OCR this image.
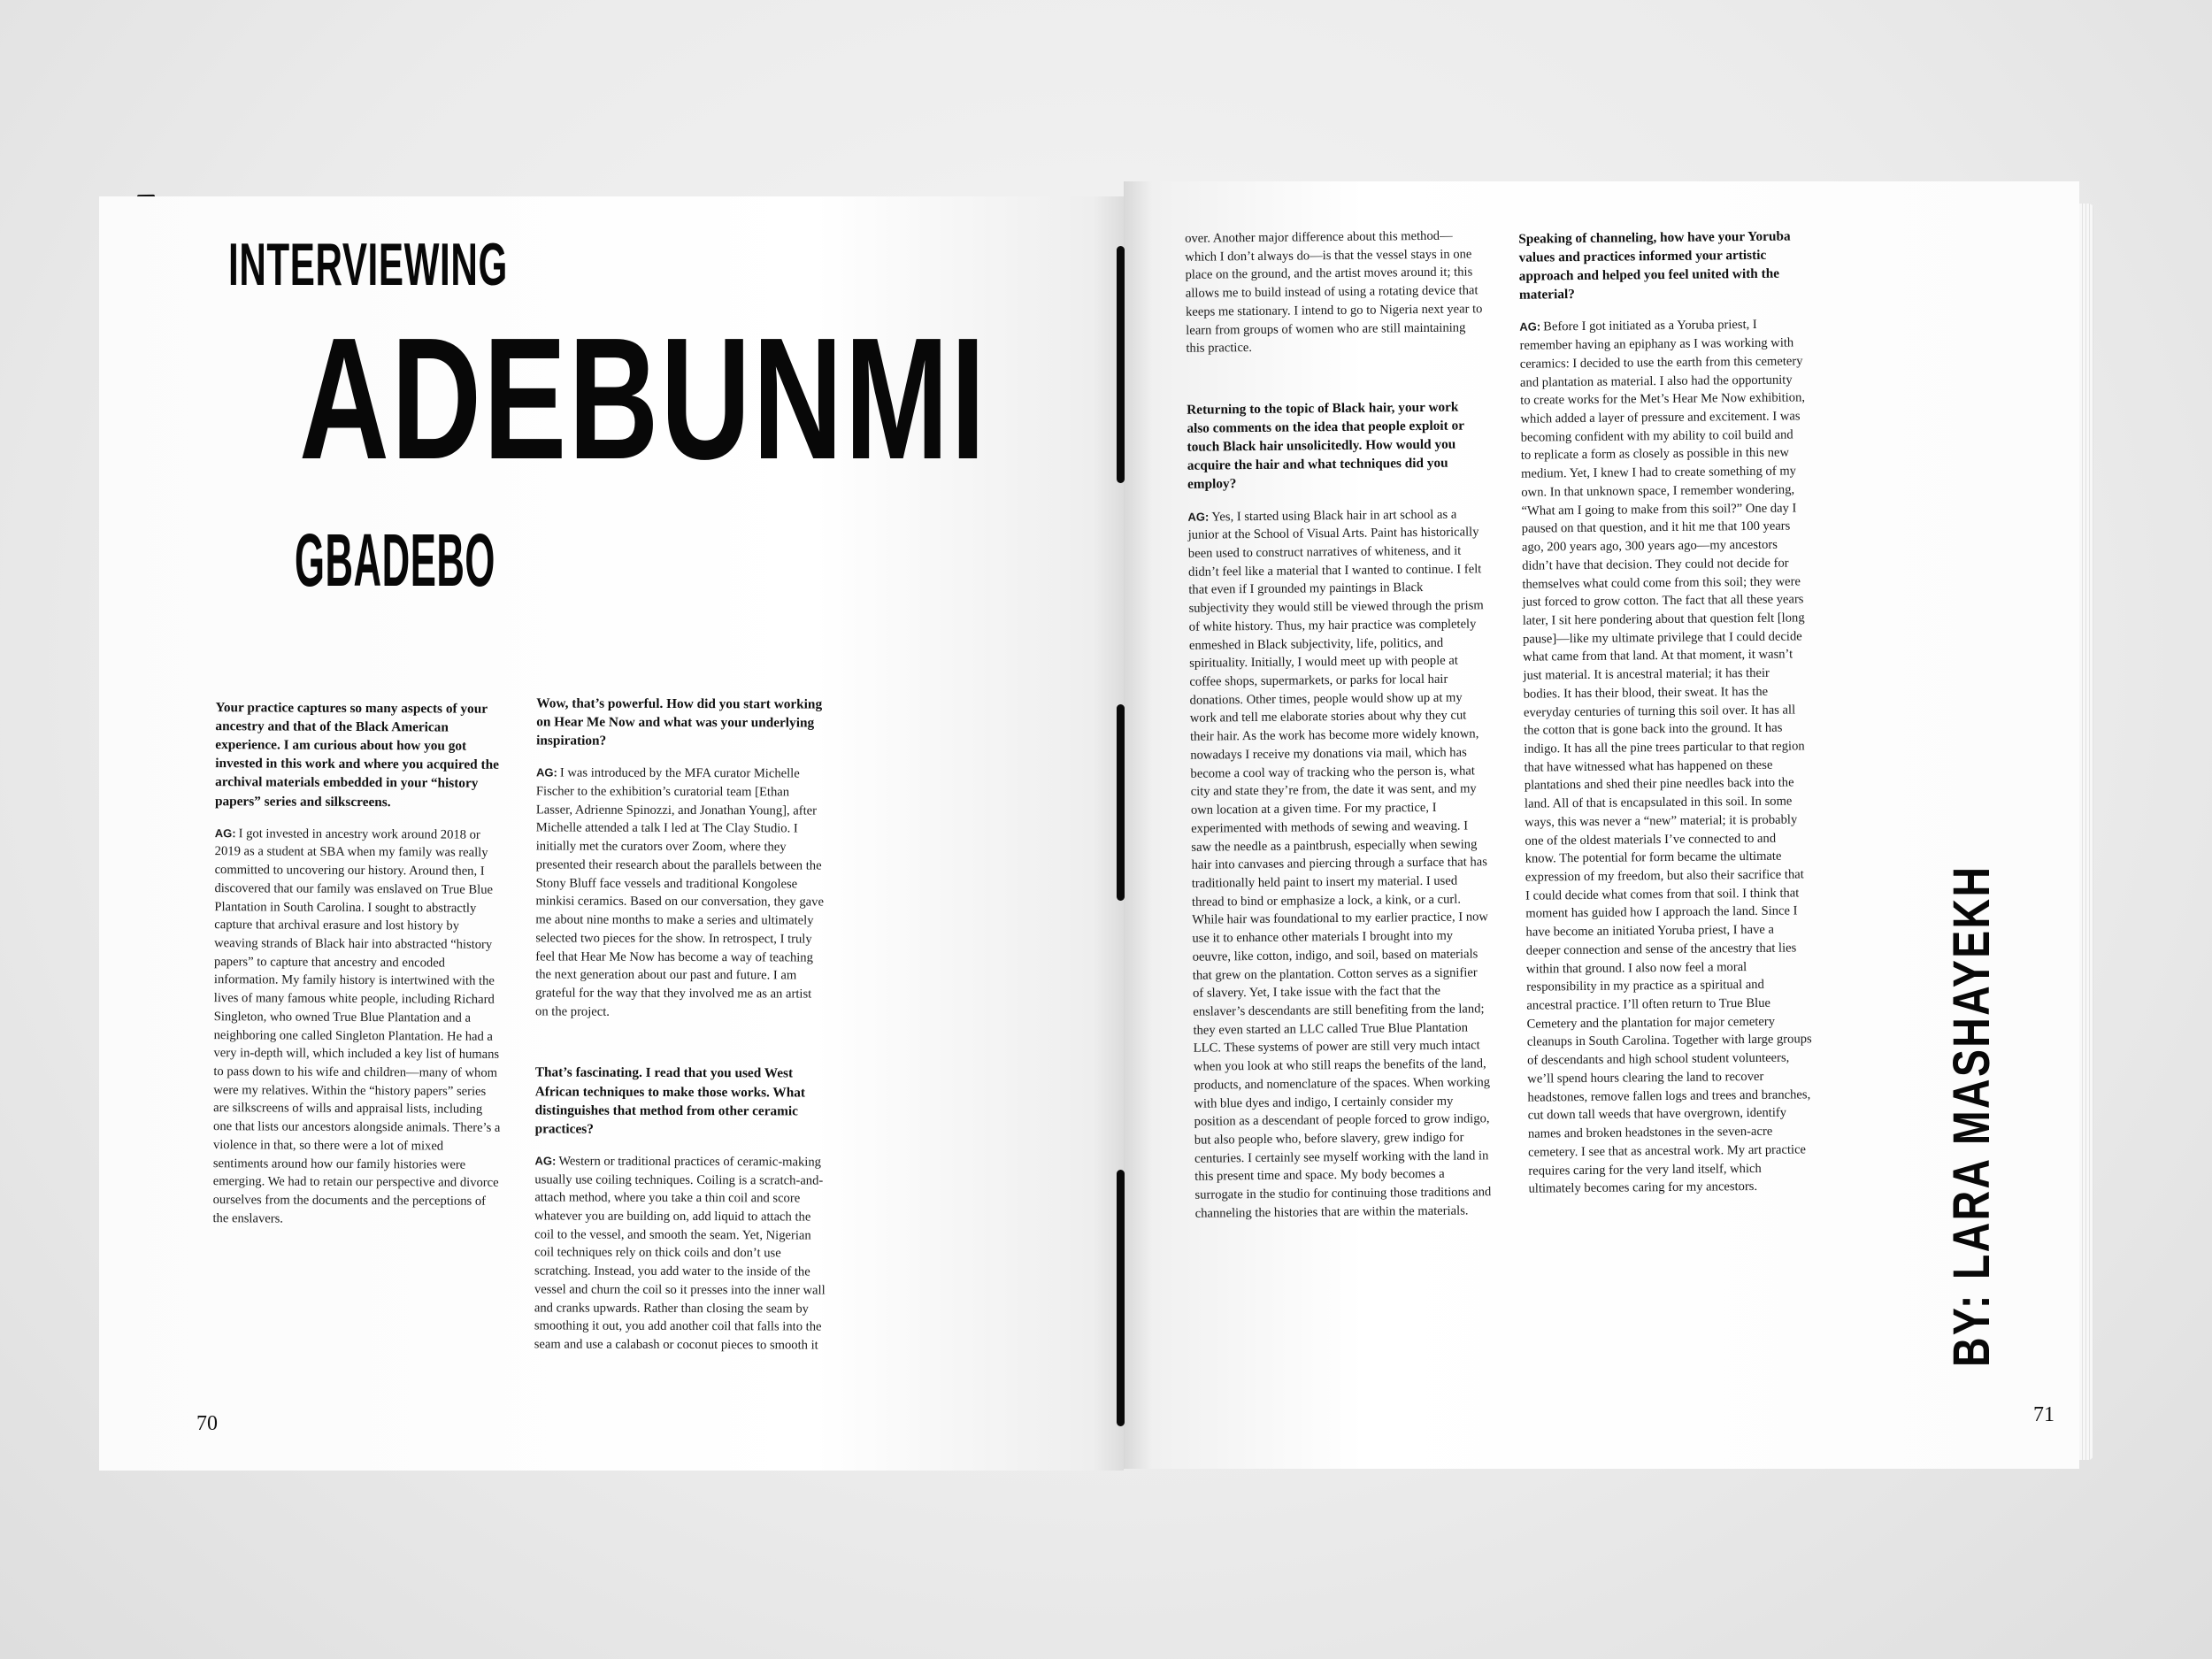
INTERVIEWING
ADEBUNMI
GBADEBO

Your practice captures so many aspects of your ancestry and that of the Black American experience. I am curious about how you got invested in this work and where you acquired the archival materials embedded in your “history papers” series and silkscreens.

AG: I got invested in ancestry work around 2018 or 2019 as a student at SBA when my family was really committed to uncovering our history. Around then, I discovered that our family was enslaved on True Blue Plantation in South Carolina. I sought to abstractly capture that archival erasure and lost history by weaving strands of Black hair into abstracted “history papers” to capture that ancestry and encoded information. My family history is intertwined with the lives of many famous white people, including Richard Singleton, who owned True Blue Plantation and a neighboring one called Singleton Plantation. He had a very in-depth will, which included a key list of humans to pass down to his wife and children—many of whom were my relatives. Within the “history papers” series are silkscreens of wills and appraisal lists, including one that lists our ancestors alongside animals. There’s a violence in that, so there were a lot of mixed sentiments around how our family histories were emerging. We had to retain our perspective and divorce ourselves from the documents and the perceptions of the enslavers.

Wow, that’s powerful. How did you start working on Hear Me Now and what was your underlying inspiration?

AG: I was introduced by the MFA curator Michelle Fischer to the exhibition’s curatorial team [Ethan Lasser, Adrienne Spinozzi, and Jonathan Young], after Michelle attended a talk I led at The Clay Studio. I initially met the curators over Zoom, where they presented their research about the parallels between the Stony Bluff face vessels and traditional Kongolese minkisi ceramics. Based on our conversation, they gave me about nine months to make a series and ultimately selected two pieces for the show. In retrospect, I truly feel that Hear Me Now has become a way of teaching the next generation about our past and future. I am grateful for the way that they involved me as an artist on the project.

That’s fascinating. I read that you used West African techniques to make those works. What distinguishes that method from other ceramic practices?

AG: Western or traditional practices of ceramic-making usually use coiling techniques. Coiling is a scratch-and-attach method, where you take a thin coil and score whatever you are building on, add liquid to attach the coil to the vessel, and smooth the seam. Yet, Nigerian coil techniques rely on thick coils and don’t use scratching. Instead, you add water to the inside of the vessel and churn the coil so it presses into the inner wall and cranks upwards. Rather than closing the seam by smoothing it out, you add another coil that falls into the seam and use a calabash or coconut pieces to smooth it

over. Another major difference about this method—which I don’t always do—is that the vessel stays in one place on the ground, and the artist moves around it; this allows me to build instead of using a rotating device that keeps me stationary. I intend to go to Nigeria next year to learn from groups of women who are still maintaining this practice.

Returning to the topic of Black hair, your work also comments on the idea that people exploit or touch Black hair unsolicitedly. How would you acquire the hair and what techniques did you employ?

AG: Yes, I started using Black hair in art school as a junior at the School of Visual Arts. Paint has historically been used to construct narratives of whiteness, and it didn’t feel like a material that I wanted to continue. I felt that even if I grounded my paintings in Black subjectivity they would still be viewed through the prism of white history. Thus, my hair practice was completely enmeshed in Black subjectivity, life, politics, and spirituality. Initially, I would meet up with people at coffee shops, supermarkets, or parks for local hair donations. Other times, people would show up at my work and tell me elaborate stories about why they cut their hair. As the work has become more widely known, nowadays I receive my donations via mail, which has become a cool way of tracking who the person is, what city and state they’re from, the date it was sent, and my own location at a given time. For my practice, I experimented with methods of sewing and weaving. I saw the needle as a paintbrush, especially when sewing hair into canvases and piercing through a surface that has traditionally held paint to insert my material. I used thread to bind or emphasize a lock, a kink, or a curl. While hair was foundational to my earlier practice, I now use it to enhance other materials I brought into my oeuvre, like cotton, indigo, and soil, based on materials that grew on the plantation. Cotton serves as a signifier of slavery. Yet, I take issue with the fact that the enslaver’s descendants are still benefiting from the land; they even started an LLC called True Blue Plantation LLC. These systems of power are still very much intact when you look at who still reaps the benefits of the land, products, and nomenclature of the spaces. When working with blue dyes and indigo, I certainly consider my position as a descendant of people forced to grow indigo, but also people who, before slavery, grew indigo for centuries. I certainly see myself working with the land in this present time and space. My body becomes a surrogate in the studio for continuing those traditions and channeling the histories that are within the materials.

Speaking of channeling, how have your Yoruba values and practices informed your artistic approach and helped you feel united with the material?

AG: Before I got initiated as a Yoruba priest, I remember having an epiphany as I was working with ceramics: I decided to use the earth from this cemetery and plantation as material. I also had the opportunity to create works for the Met’s Hear Me Now exhibition, which added a layer of pressure and excitement. I was becoming confident with my ability to coil build and to replicate a form as closely as possible in this new medium. Yet, I knew I had to create something of my own. In that unknown space, I remember wondering, “What am I going to make from this soil?” One day I paused on that question, and it hit me that 100 years ago, 200 years ago, 300 years ago—my ancestors didn’t have that decision. They could not decide for themselves what could come from this soil; they were just forced to grow cotton. The fact that all these years later, I sit here pondering about that question felt [long pause]—like my ultimate privilege that I could decide what came from that land. At that moment, it wasn’t just material. It is ancestral material; it has their bodies. It has their blood, their sweat. It has the everyday centuries of turning this soil over. It has all the cotton that is gone back into the ground. It has indigo. It has all the pine trees particular to that region that have witnessed what has happened on these plantations and shed their pine needles back into the land. All of that is encapsulated in this soil. In some ways, this was never a “new” material; it is probably one of the oldest materials I’ve connected to and know. The potential for form became the ultimate expression of my freedom, but also their sacrifice that I could decide what comes from that soil. I think that moment has guided how I approach the land. Since I have become an initiated Yoruba priest, I have a deeper connection and sense of the ancestry that lies within that ground. I also now feel a moral responsibility in my practice as a spiritual and ancestral practice. I’ll often return to True Blue Cemetery and the plantation for major cemetery cleanups in South Carolina. Together with large groups of descendants and high school student volunteers, we’ll spend hours clearing the land to recover headstones, remove fallen logs and trees and branches, cut down tall weeds that have overgrown, identify names and broken headstones in the seven-acre cemetery. I see that as ancestral work. My art practice requires caring for the very land itself, which ultimately becomes caring for my ancestors.	BY: LARA MASHAYEKH
70	71
